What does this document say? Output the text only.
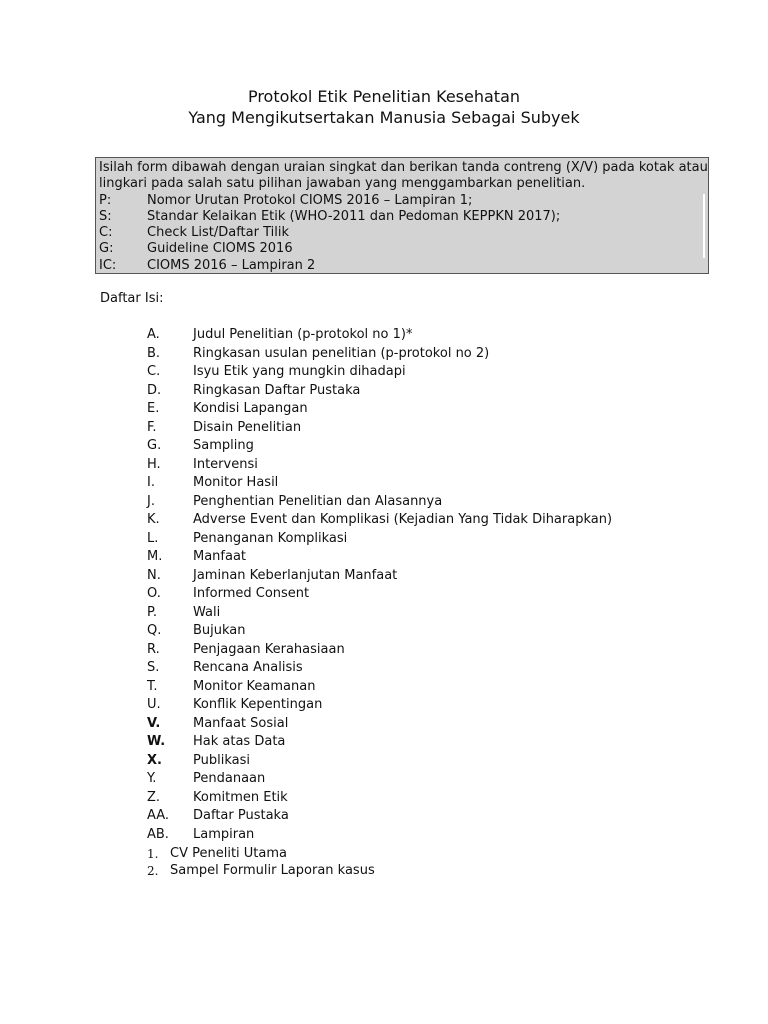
Protokol Etik Penelitian Kesehatan
Yang Mengikutsertakan Manusia Sebagai Subyek
Isilah form dibawah dengan uraian singkat dan berikan tanda contreng (X/V) pada kotak atau
lingkari pada salah satu pilihan jawaban yang menggambarkan penelitian.
P:	Nomor Urutan Protokol CIOMS 2016 – Lampiran 1;
S:	Standar Kelaikan Etik (WHO-2011 dan Pedoman KEPPKN 2017);
C:	Check List/Daftar Tilik
G:	Guideline CIOMS 2016
IC:	CIOMS 2016 – Lampiran 2
Daftar Isi:
A.	Judul Penelitian (p-protokol no 1)*
B.	Ringkasan usulan penelitian (p-protokol no 2)
C.	Isyu Etik yang mungkin dihadapi
D.	Ringkasan Daftar Pustaka
E.	Kondisi Lapangan
F.	Disain Penelitian
G.	Sampling
H.	Intervensi
I.	Monitor Hasil
J.	Penghentian Penelitian dan Alasannya
K.	Adverse Event dan Komplikasi (Kejadian Yang Tidak Diharapkan)
L.	Penanganan Komplikasi
M.	Manfaat
N.	Jaminan Keberlanjutan Manfaat
O.	Informed Consent
P.	Wali
Q.	Bujukan
R.	Penjagaan Kerahasiaan
S.	Rencana Analisis
T.	Monitor Keamanan
U.	Konflik Kepentingan
V.	Manfaat Sosial
W.	Hak atas Data
X.	Publikasi
Y.	Pendanaan
Z.	Komitmen Etik
AA.	Daftar Pustaka
AB.	Lampiran
1. CV Peneliti Utama
2. Sampel Formulir Laporan kasus
